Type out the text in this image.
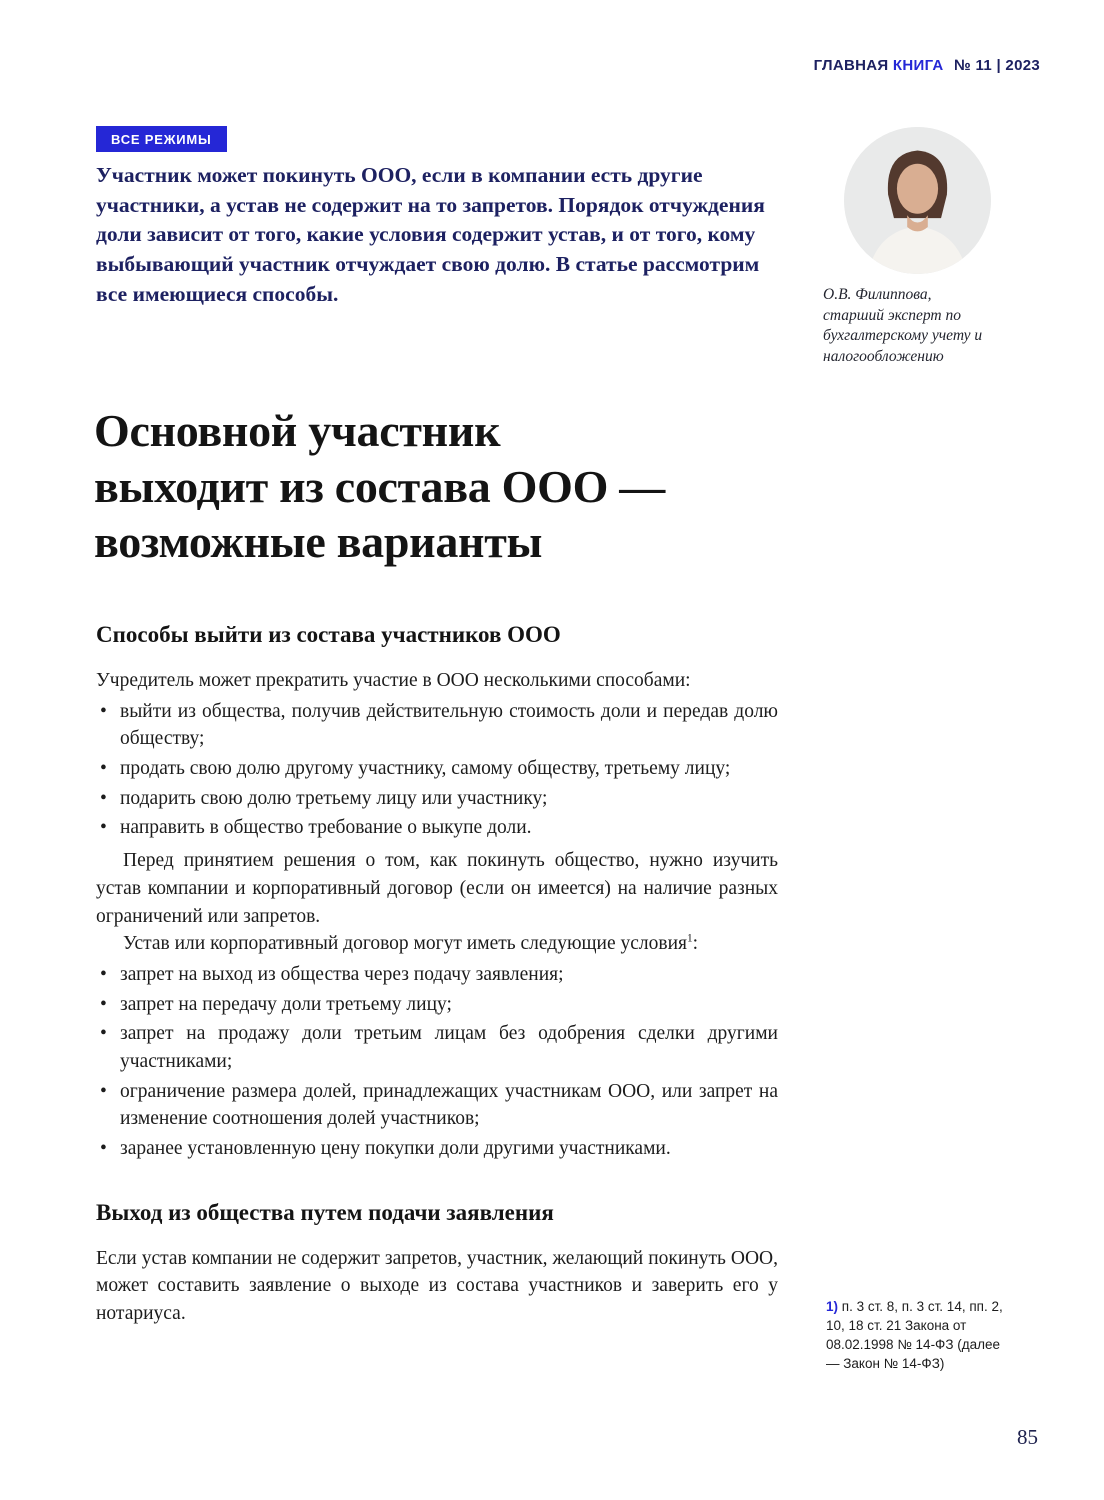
ГЛАВНАЯ КНИГА № 11 | 2023
ВСЕ РЕЖИМЫ
Участник может покинуть ООО, если в компании есть другие участники, а устав не содержит на то запретов. Порядок отчуждения доли зависит от того, какие условия содержит устав, и от того, кому выбывающий участник отчуждает свою долю. В статье рассмотрим все имеющиеся способы.	О.В. Филиппова,
старший эксперт по бухгалтерскому учету и налогообложению
Основной участник
выходит из состава ООО —
возможные варианты
Способы выйти из состава участников ООО

Учредитель может прекратить участие в ООО несколькими способами:

• выйти из общества, получив действительную стоимость доли и передав долю обществу;
• продать свою долю другому участнику, самому обществу, третьему лицу;
• подарить свою долю третьему лицу или участнику;
• направить в общество требование о выкупе доли.

Перед принятием решения о том, как покинуть общество, нужно изучить устав компании и корпоративный договор (если он имеется) на наличие разных ограничений или запретов.

Устав или корпоративный договор могут иметь следующие условия$^1$:

• запрет на выход из общества через подачу заявления;
• запрет на передачу доли третьему лицу;
• запрет на продажу доли третьим лицам без одобрения сделки другими участниками;
• ограничение размера долей, принадлежащих участникам ООО, или запрет на изменение соотношения долей участников;
• заранее установленную цену покупки доли другими участниками.
Выход из общества путем подачи заявления

Если устав компании не содержит запретов, участник, желающий покинуть ООО, может составить заявление о выходе из состава участников и заверить его у нотариуса.	1) п. 3 ст. 8, п. 3 ст. 14, пп. 2, 10, 18 ст. 21 Закона от 08.02.1998 № 14-ФЗ (далее — Закон № 14-ФЗ)
85
